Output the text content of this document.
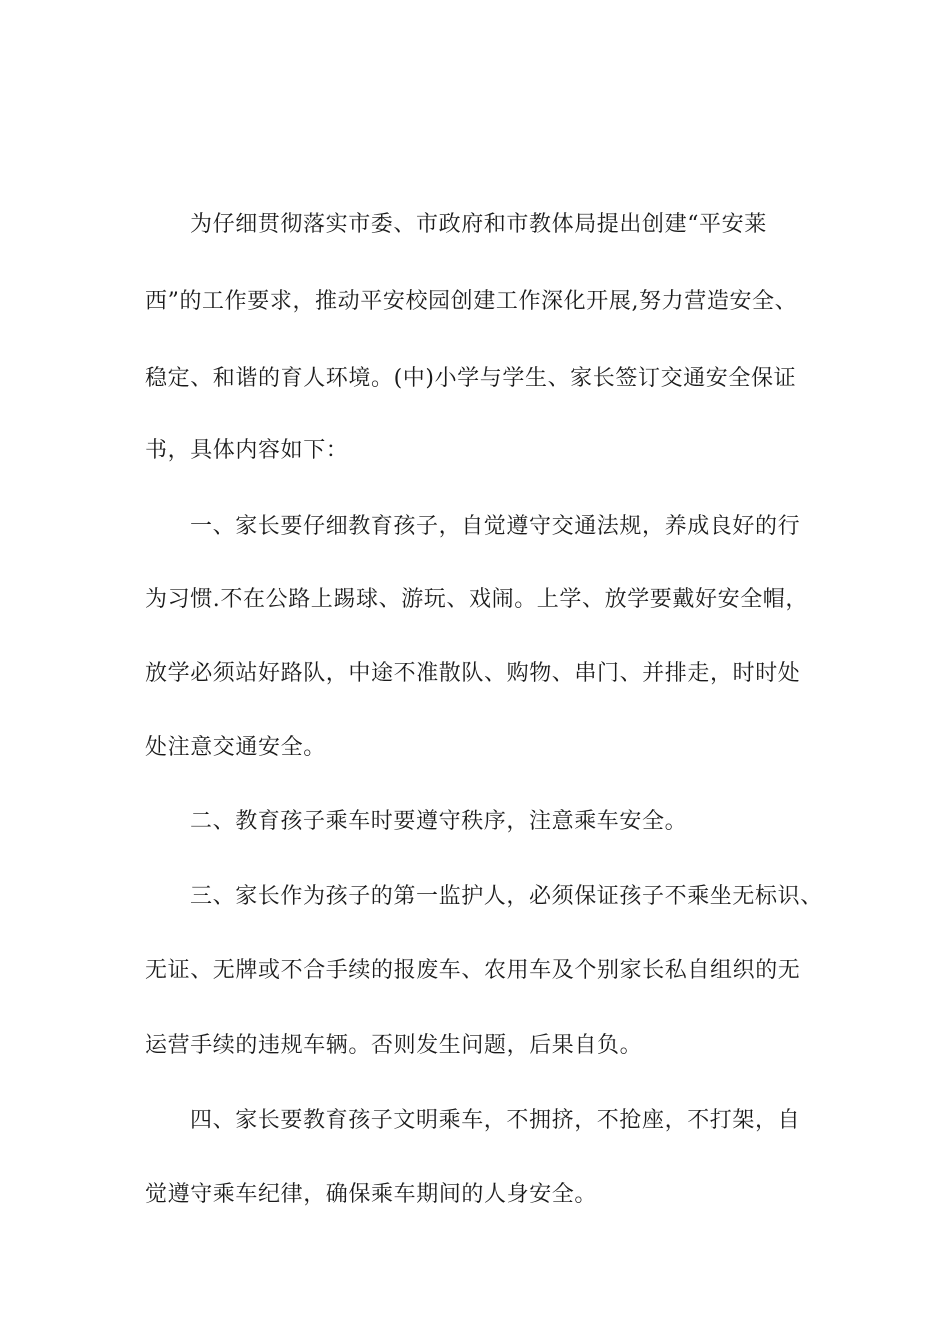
为仔细贯彻落实市委、市政府和市教体局提出创建“平安莱

西”的工作要求，推动平安校园创建工作深化开展,努力营造安全、

稳定、和谐的育人环境。(中)小学与学生、家长签订交通安全保证

书，具体内容如下：

一、家长要仔细教育孩子，自觉遵守交通法规，养成良好的行

为习惯.不在公路上踢球、游玩、戏闹。上学、放学要戴好安全帽，

放学必须站好路队，中途不准散队、购物、串门、并排走，时时处

处注意交通安全。

二、教育孩子乘车时要遵守秩序，注意乘车安全。

三、家长作为孩子的第一监护人，必须保证孩子不乘坐无标识、

无证、无牌或不合手续的报废车、农用车及个别家长私自组织的无

运营手续的违规车辆。否则发生问题，后果自负。

四、家长要教育孩子文明乘车，不拥挤，不抢座，不打架，自

觉遵守乘车纪律，确保乘车期间的人身安全。
